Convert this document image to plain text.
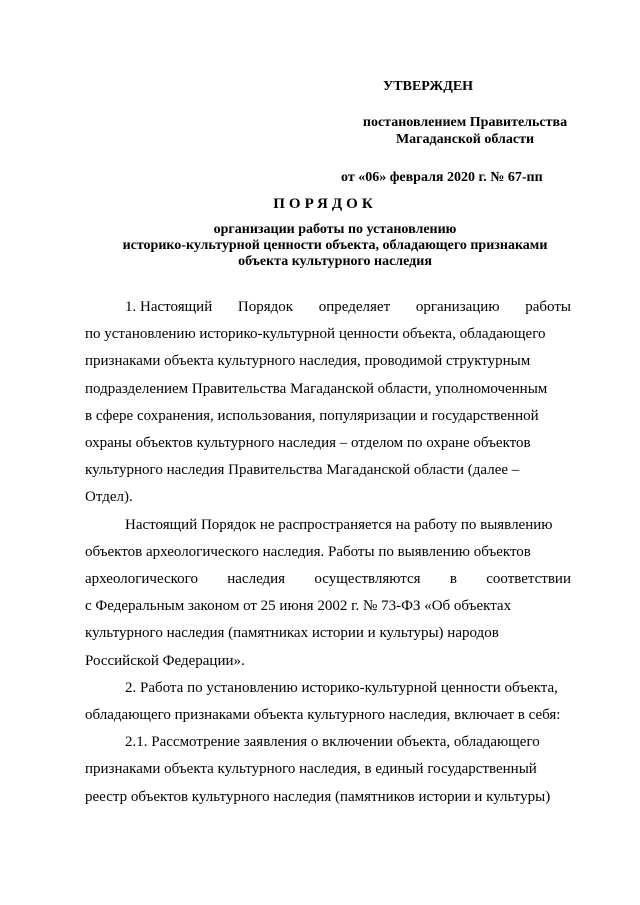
УТВЕРЖДЕН
постановлением Правительства
Магаданской области
от «06» февраля 2020 г. № 67-пп
ПОРЯДОК
организации работы по установлению
историко-культурной ценности объекта, обладающего признаками
объекта культурного наследия
1. Настоящий Порядок определяет организацию работы
по установлению историко-культурной ценности объекта, обладающего
признаками объекта культурного наследия, проводимой структурным
подразделением Правительства Магаданской области, уполномоченным
в сфере сохранения, использования, популяризации и государственной
охраны объектов культурного наследия – отделом по охране объектов
культурного наследия Правительства Магаданской области (далее –
Отдел).
Настоящий Порядок не распространяется на работу по выявлению
объектов археологического наследия. Работы по выявлению объектов
археологического наследия осуществляются в соответствии
с Федеральным законом от 25 июня 2002 г. № 73-ФЗ «Об объектах
культурного наследия (памятниках истории и культуры) народов
Российской Федерации».
2. Работа по установлению историко-культурной ценности объекта,
обладающего признаками объекта культурного наследия, включает в себя:
2.1. Рассмотрение заявления о включении объекта, обладающего
признаками объекта культурного наследия, в единый государственный
реестр объектов культурного наследия (памятников истории и культуры)
